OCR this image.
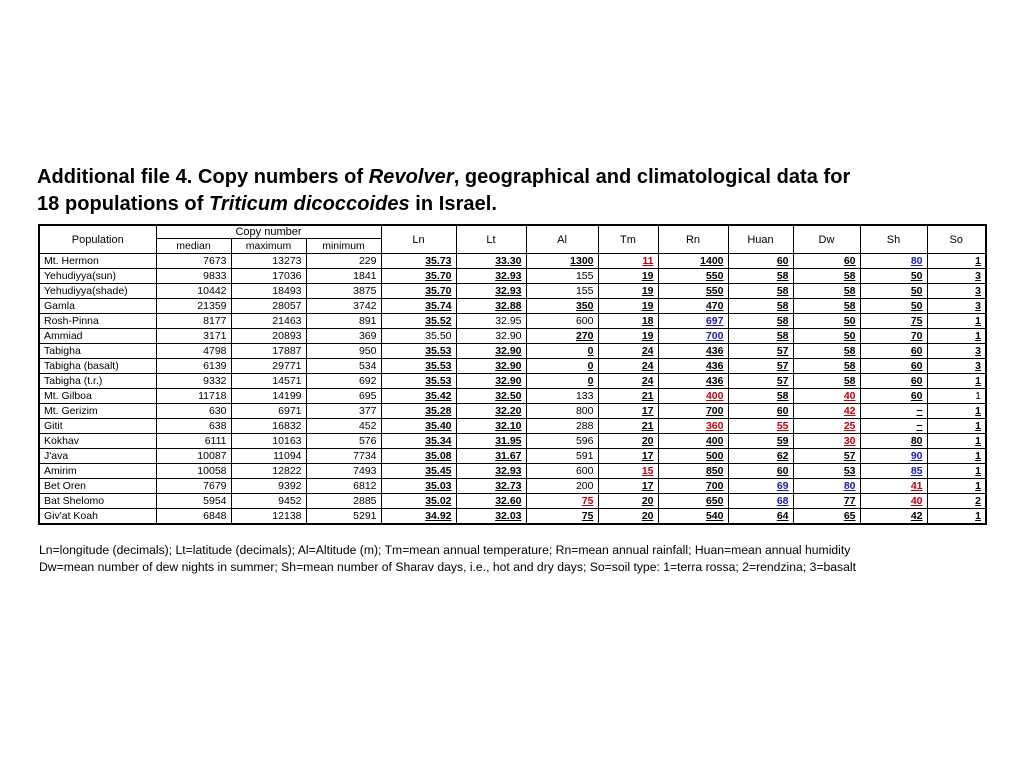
Additional file 4. Copy numbers of Revolver, geographical and climatological data for
18 populations of Triticum dicoccoides in Israel.
Population	Copy number			Ln	Lt	Al	Tm	Rn	Huan	Dw	Sh	So
	median	maximum	minimum									
Mt. Hermon	7673	13273	229	35.73	33.30	1300	11	1400	60	60	80	1
Yehudiyya(sun)	9833	17036	1841	35.70	32.93	155	19	550	58	58	50	3
Yehudiyya(shade)	10442	18493	3875	35.70	32.93	155	19	550	58	58	50	3
Gamla	21359	28057	3742	35.74	32.88	350	19	470	58	58	50	3
Rosh-Pinna	8177	21463	891	35.52	32.95	600	18	697	58	50	75	1
Ammiad	3171	20893	369	35.50	32.90	270	19	700	58	50	70	1
Tabigha	4798	17887	950	35.53	32.90	0	24	436	57	58	60	3
Tabigha (basalt)	6139	29771	534	35.53	32.90	0	24	436	57	58	60	3
Tabigha (t.r.)	9332	14571	692	35.53	32.90	0	24	436	57	58	60	1
Mt. Gilboa	11718	14199	695	35.42	32.50	133	21	400	58	40	60	1
Mt. Gerizim	630	6971	377	35.28	32.20	800	17	700	60	42	−	1
Gitit	638	16832	452	35.40	32.10	288	21	360	55	25	−	1
Kokhav	6111	10163	576	35.34	31.95	596	20	400	59	30	80	1
J'ava	10087	11094	7734	35.08	31.67	591	17	500	62	57	90	1
Amirim	10058	12822	7493	35.45	32.93	600	15	850	60	53	85	1
Bet Oren	7679	9392	6812	35.03	32.73	200	17	700	69	80	41	1
Bat Shelomo	5954	9452	2885	35.02	32.60	75	20	650	68	77	40	2
Giv'at Koah	6848	12138	5291	34.92	32.03	75	20	540	64	65	42	1
Ln=longitude (decimals); Lt=latitude (decimals); Al=Altitude (m); Tm=mean annual temperature; Rn=mean annual rainfall; Huan=mean annual humidity
Dw=mean number of dew nights in summer; Sh=mean number of Sharav days, i.e., hot and dry days; So=soil type: 1=terra rossa; 2=rendzina; 3=basalt
